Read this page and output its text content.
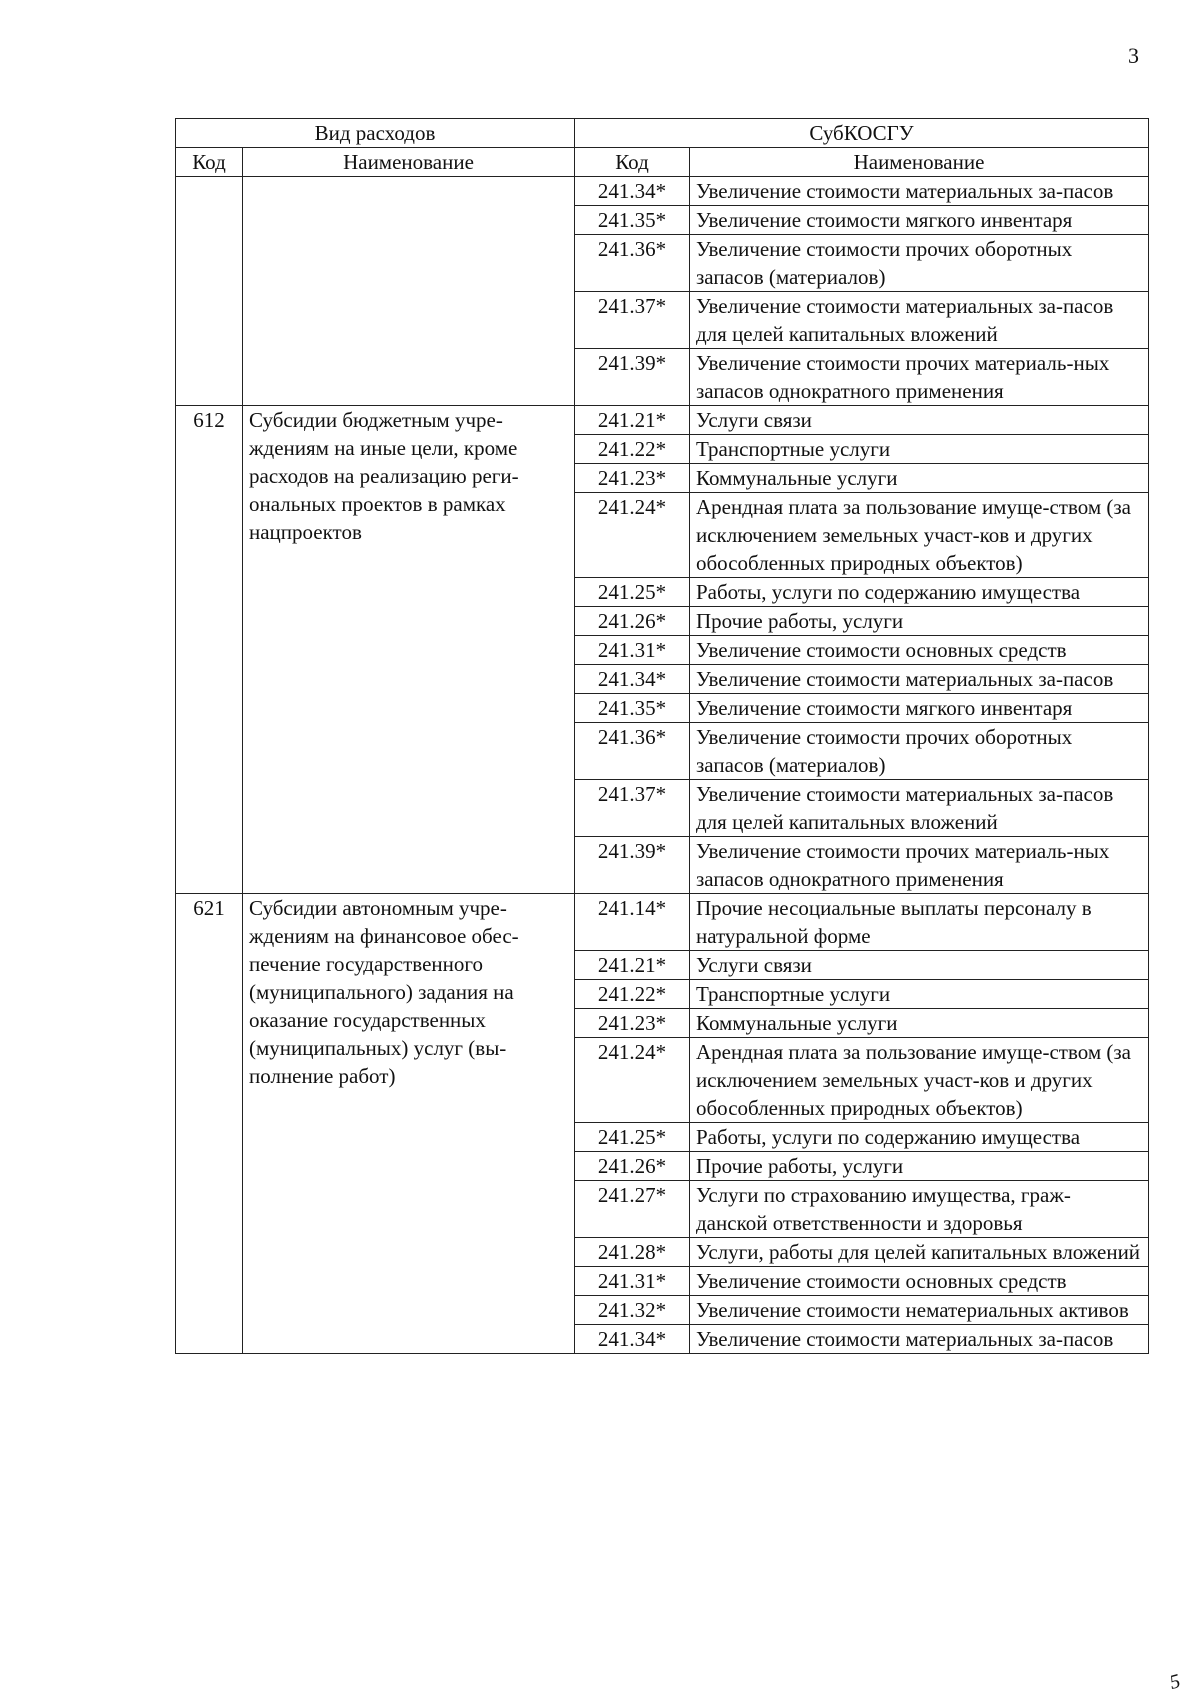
3
Вид расходов		СубКОСГУ	
Код	Наименование	Код	Наименование
		241.34*	Увеличение стоимости материальных за-пасов
		241.35*	Увеличение стоимости мягкого инвентаря
		241.36*	Увеличение стоимости прочих оборотных запасов (материалов)
		241.37*	Увеличение стоимости материальных за-пасов для целей капитальных вложений
		241.39*	Увеличение стоимости прочих материаль-ных запасов однократного применения
612	Субсидии бюджетным учре-ждениям на иные цели, кроме расходов на реализацию реги-ональных проектов в рамках нацпроектов	241.21*	Услуги связи
		241.22*	Транспортные услуги
		241.23*	Коммунальные услуги
		241.24*	Арендная плата за пользование имуще-ством (за исключением земельных участ-ков и других обособленных природных объектов)
		241.25*	Работы, услуги по содержанию имущества
		241.26*	Прочие работы, услуги
		241.31*	Увеличение стоимости основных средств
		241.34*	Увеличение стоимости материальных за-пасов
		241.35*	Увеличение стоимости мягкого инвентаря
		241.36*	Увеличение стоимости прочих оборотных запасов (материалов)
		241.37*	Увеличение стоимости материальных за-пасов для целей капитальных вложений
		241.39*	Увеличение стоимости прочих материаль-ных запасов однократного применения
621	Субсидии автономным учре-ждениям на финансовое обес-печение государственного (муниципального) задания на оказание государственных (муниципальных) услуг (вы-полнение работ)	241.14*	Прочие несоциальные выплаты персоналу в натуральной форме
		241.21*	Услуги связи
		241.22*	Транспортные услуги
		241.23*	Коммунальные услуги
		241.24*	Арендная плата за пользование имуще-ством (за исключением земельных участ-ков и других обособленных природных объектов)
		241.25*	Работы, услуги по содержанию имущества
		241.26*	Прочие работы, услуги
		241.27*	Услуги по страхованию имущества, граж-данской ответственности и здоровья
		241.28*	Услуги, работы для целей капитальных вложений
		241.31*	Увеличение стоимости основных средств
		241.32*	Увеличение стоимости нематериальных активов
		241.34*	Увеличение стоимости материальных за-пасов
5
